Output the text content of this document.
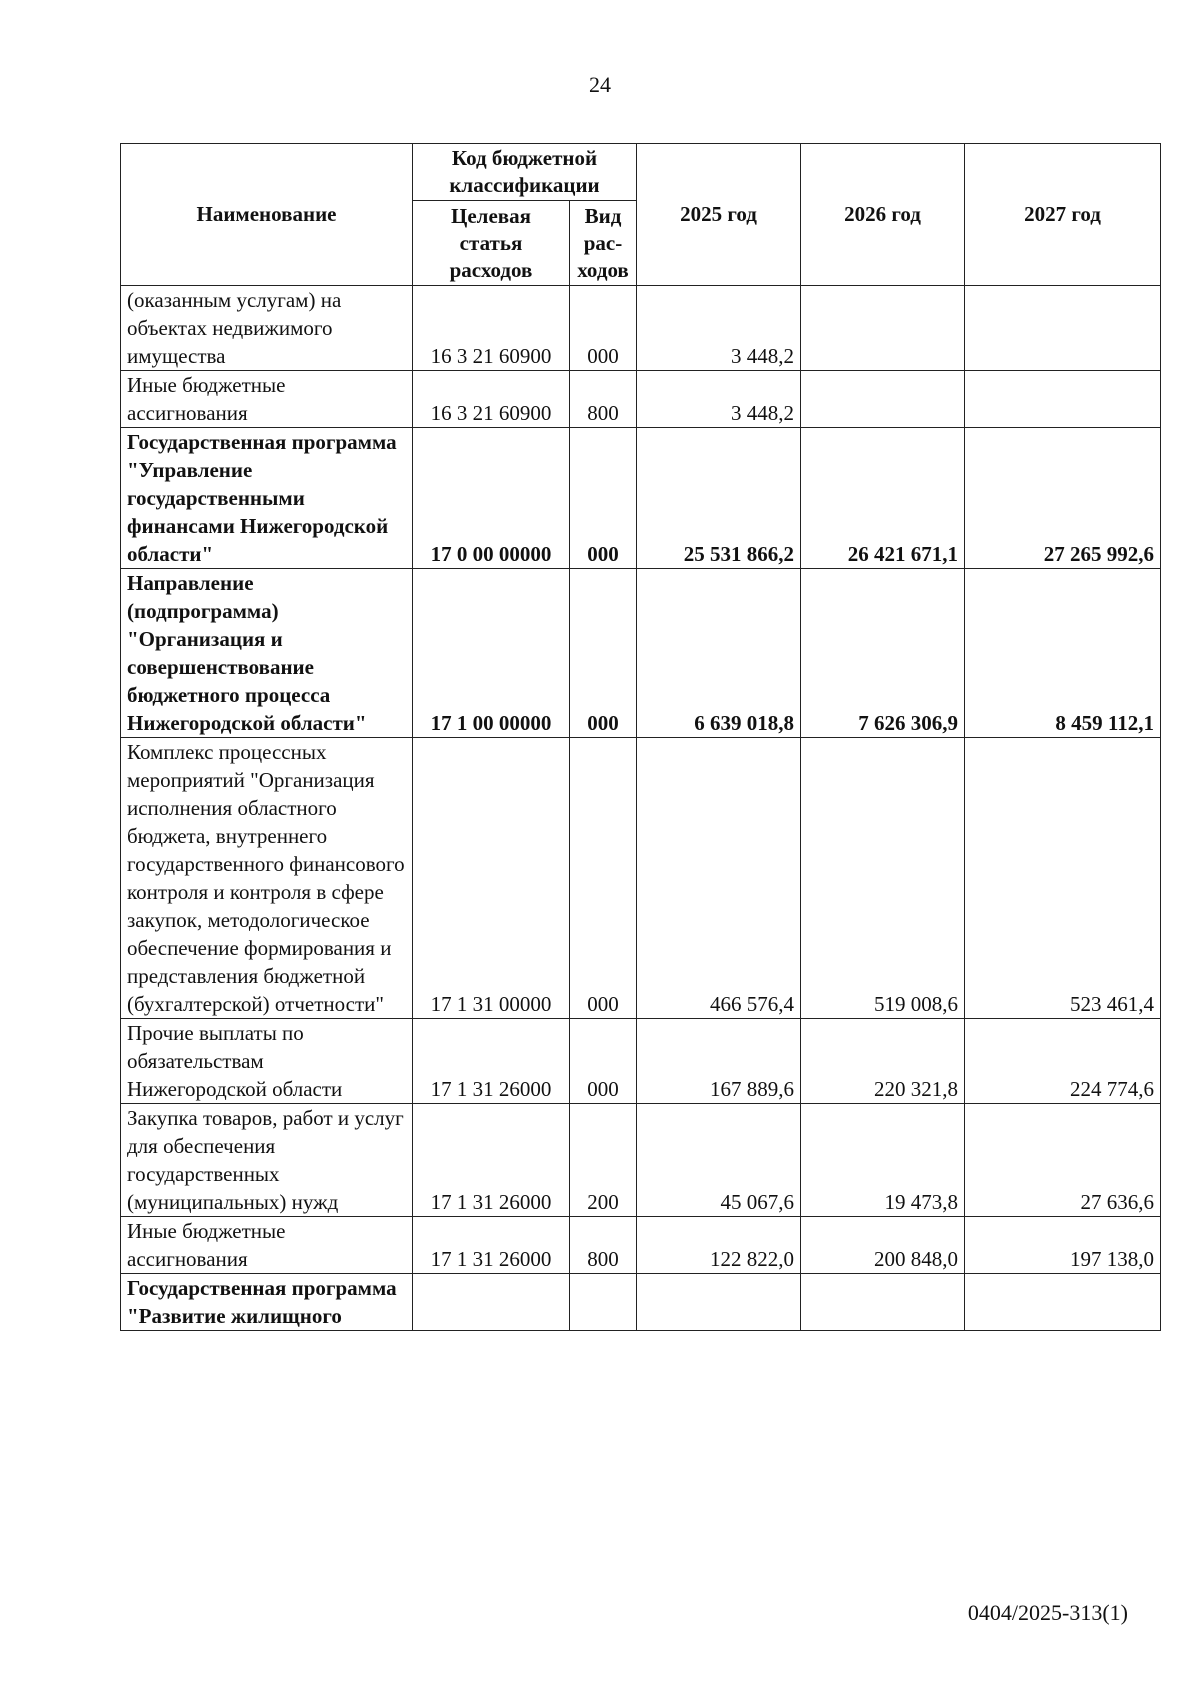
24
Наименование	Код бюджетной классификации		2025 год	2026 год	2027 год
	Целевая статья расходов	Вид рас-ходов			
(оказанным услугам) на объектах недвижимого имущества	16 3 21 60900	000	3 448,2		
Иные бюджетные ассигнования	16 3 21 60900	800	3 448,2		
Государственная программа "Управление государственными финансами Нижегородской области"	17 0 00 00000	000	25 531 866,2	26 421 671,1	27 265 992,6
Направление (подпрограмма) "Организация и совершенствование бюджетного процесса Нижегородской области"	17 1 00 00000	000	6 639 018,8	7 626 306,9	8 459 112,1
Комплекс процессных мероприятий "Организация исполнения областного бюджета, внутреннего государственного финансового контроля и контроля в сфере закупок, методологическое обеспечение формирования и представления бюджетной (бухгалтерской) отчетности"	17 1 31 00000	000	466 576,4	519 008,6	523 461,4
Прочие выплаты по обязательствам Нижегородской области	17 1 31 26000	000	167 889,6	220 321,8	224 774,6
Закупка товаров, работ и услуг для обеспечения государственных (муниципальных) нужд	17 1 31 26000	200	45 067,6	19 473,8	27 636,6
Иные бюджетные ассигнования	17 1 31 26000	800	122 822,0	200 848,0	197 138,0
Государственная программа "Развитие жилищного					
0404/2025-313(1)
